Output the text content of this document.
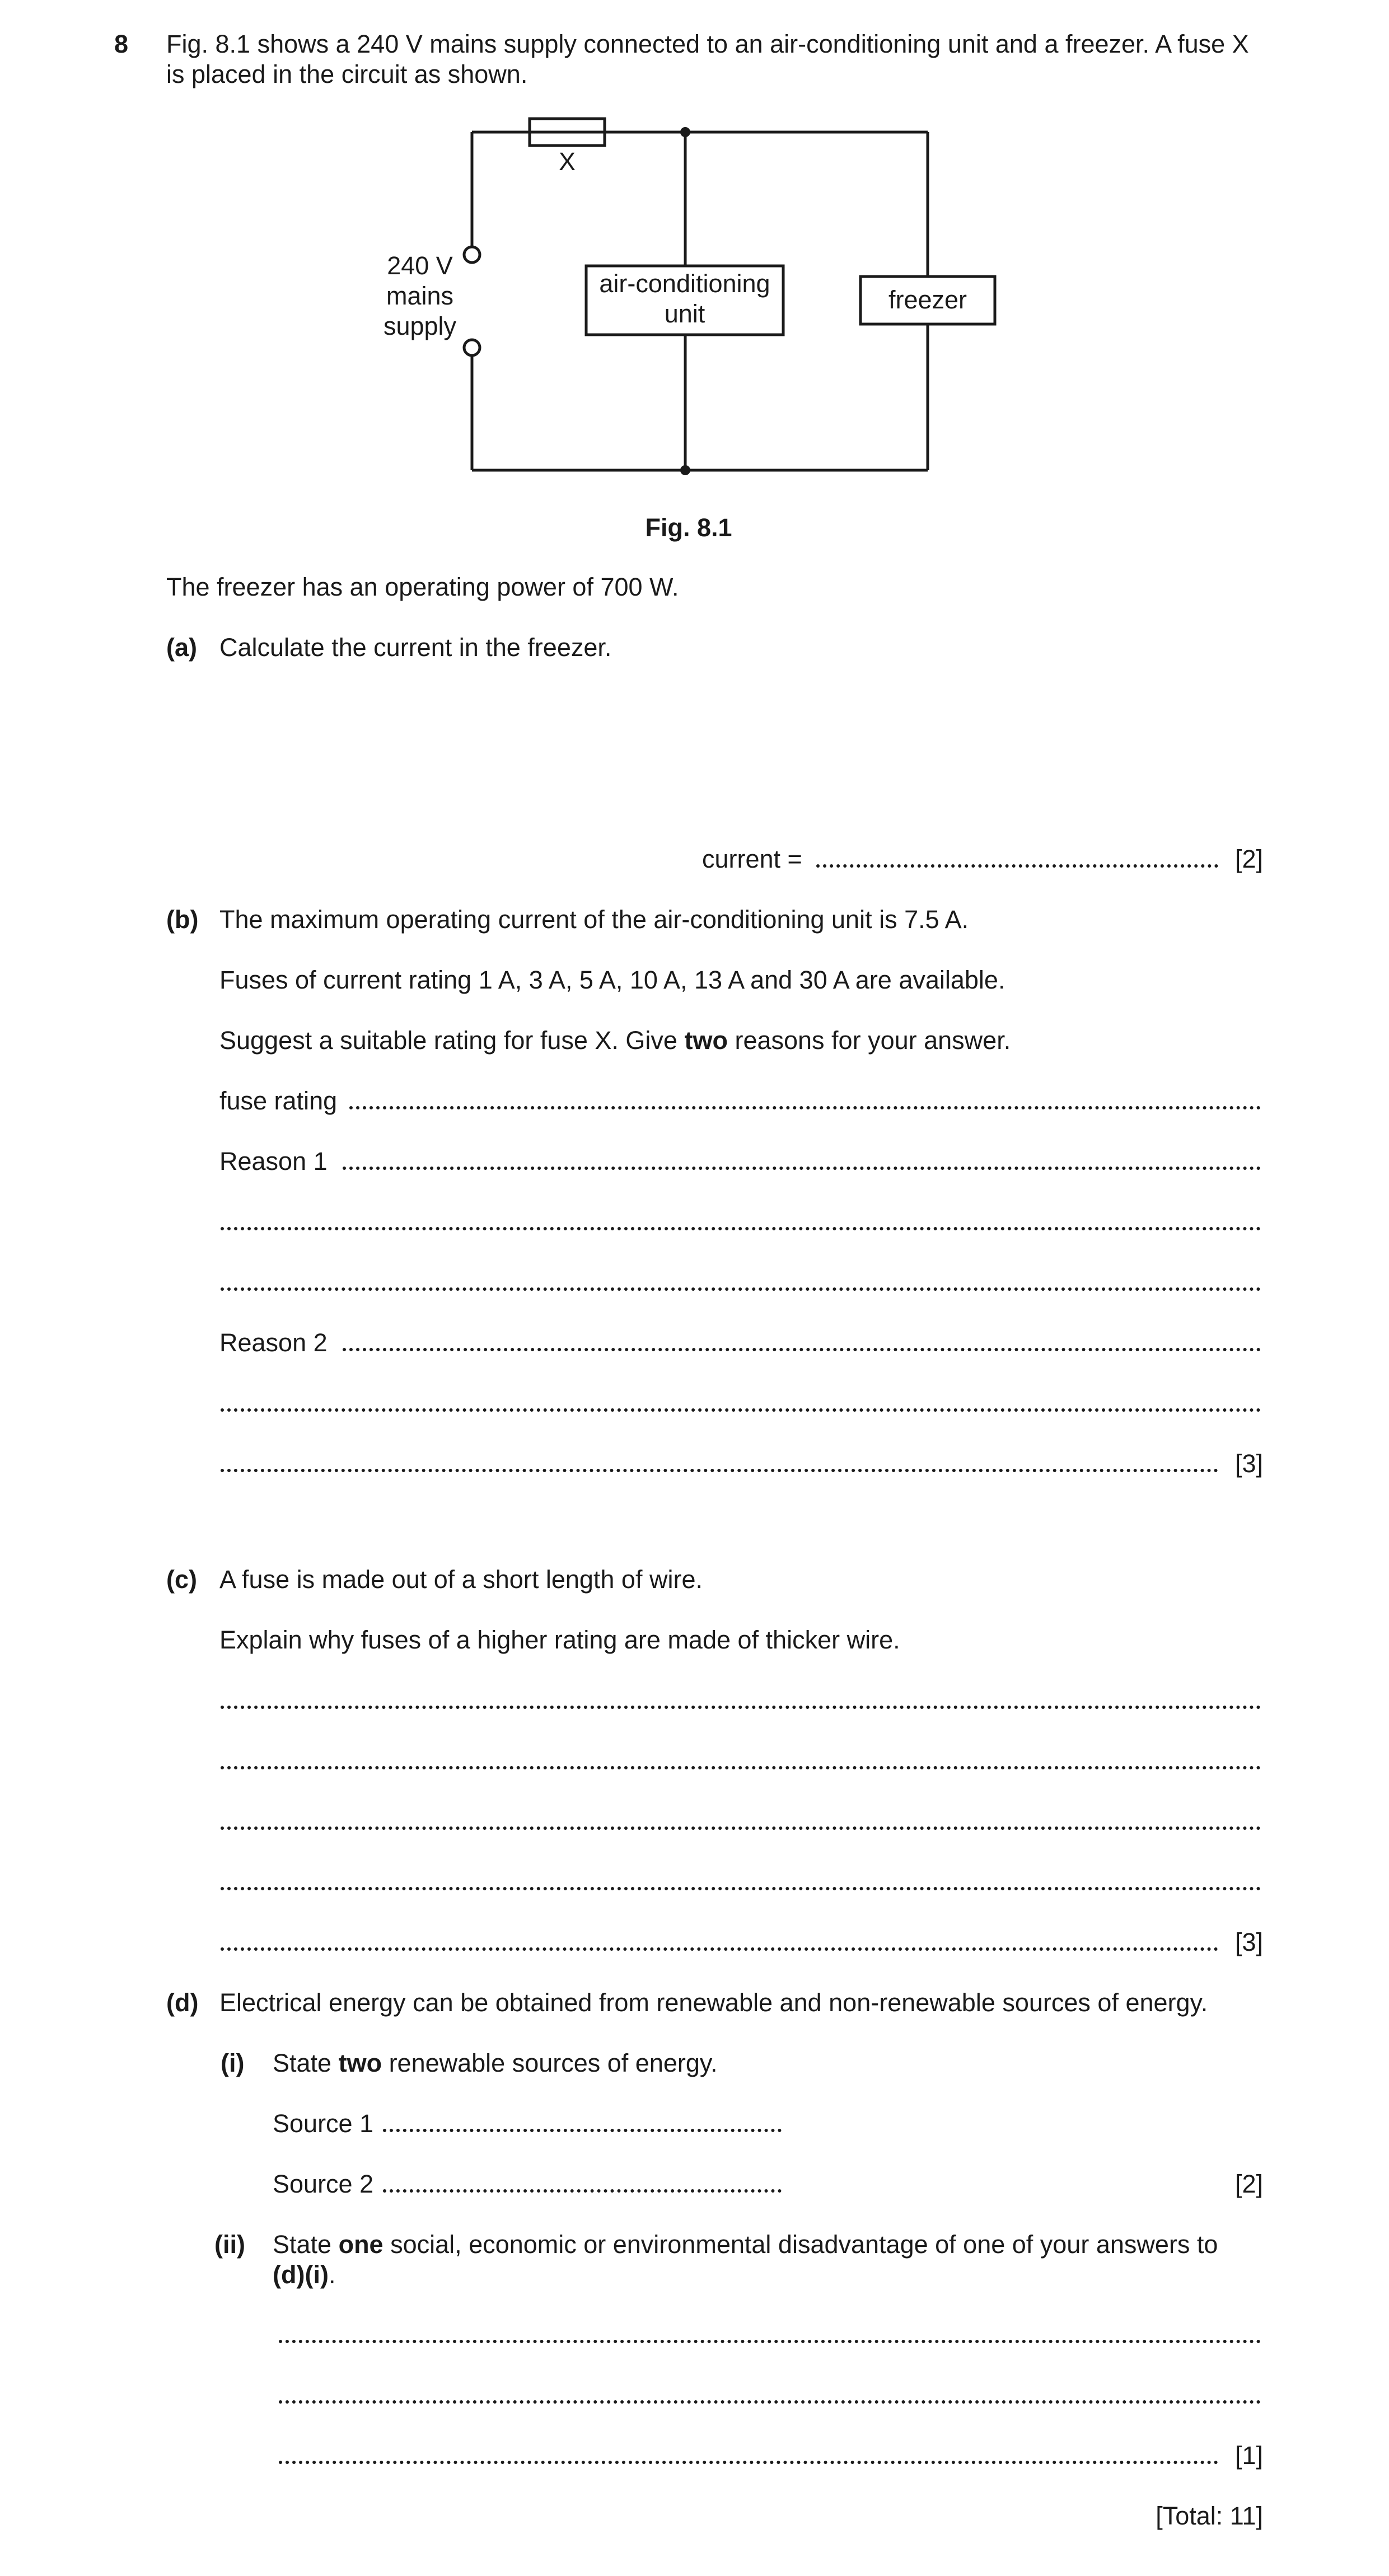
8 Fig. 8.1 shows a 240 V mains supply connected to an air-conditioning unit and a freezer. A fuse X
is placed in the circuit as shown.
X
240 V
mains
supply
air-conditioning
unit	freezer
Fig. 8.1
The freezer has an operating power of 700 W.
(a) Calculate the current in the freezer.
current =	[2]
(b) The maximum operating current of the air-conditioning unit is 7.5 A.
Fuses of current rating 1 A, 3 A, 5 A, 10 A, 13 A and 30 A are available.
Suggest a suitable rating for fuse X. Give two reasons for your answer.
fuse rating
Reason 1
Reason 2
[3]
(c) A fuse is made out of a short length of wire.
Explain why fuses of a higher rating are made of thicker wire.
[3]
(d) Electrical energy can be obtained from renewable and non-renewable sources of energy.
(i) State two renewable sources of energy.
Source 1
Source 2	[2]
(ii) State one social, economic or environmental disadvantage of one of your answers to
(d)(i).
[1]
[Total: 11]
